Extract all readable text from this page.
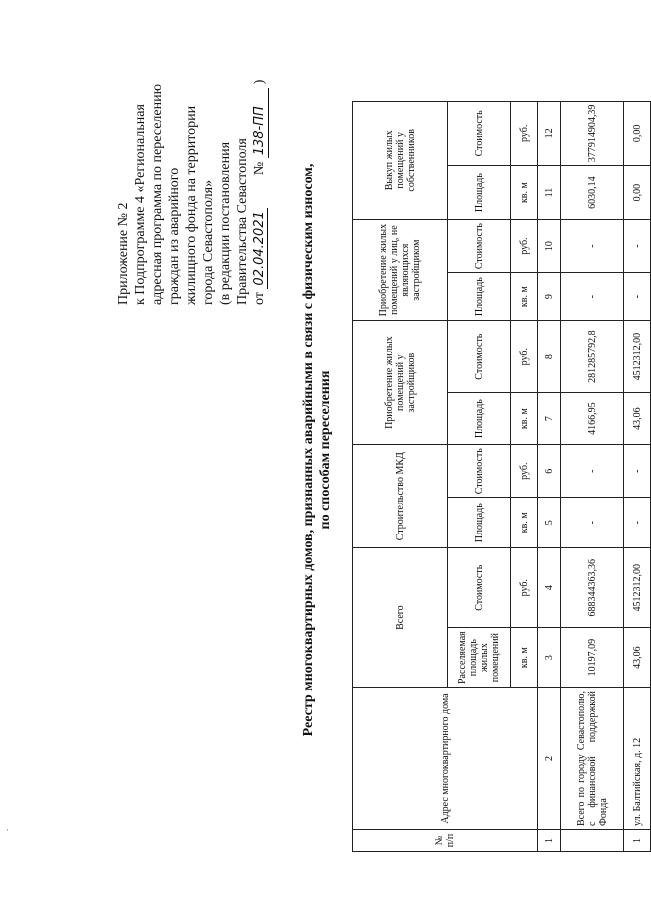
·
Приложение № 2 к Подпрограмме 4 «Региональная адресная программа по переселению граждан из аварийного жилищного фонда на территории города Севастополя» (в редакции постановления Правительства Севастополя от 02.04.2021  № 138-ПП)
Реестр многоквартирных домов, признанных аварийными в связи с физическим износом, по способам переселения
№ п/п	Адрес многоквартирного дома	Всего		Строительство МКД		Приобретение жилых помещений у застройщиков		Приобретение жилых помещений у лиц, не являющихся застройщиком		Выкуп жилых помещений у собственников	
		Расселяемая площадь жилых помещений	Стоимость	Площадь	Стоимость	Площадь	Стоимость	Площадь	Стоимость	Площадь	Стоимость
		кв. м	руб.	кв. м	руб.	кв. м	руб.	кв. м	руб.	кв. м	руб.
1	2	3	4	5	6	7	8	9	10	11	12
	Всего по городу Севастополю, с финансовой поддержкой Фонда	10197,09	688344363,36	-	-	4166,95	281285792,8	-	-	6030,14	377914904,39
1	ул. Балтийская, д. 12	43,06	4512312,00	-	-	43,06	4512312,00	-	-	0,00	0,00
